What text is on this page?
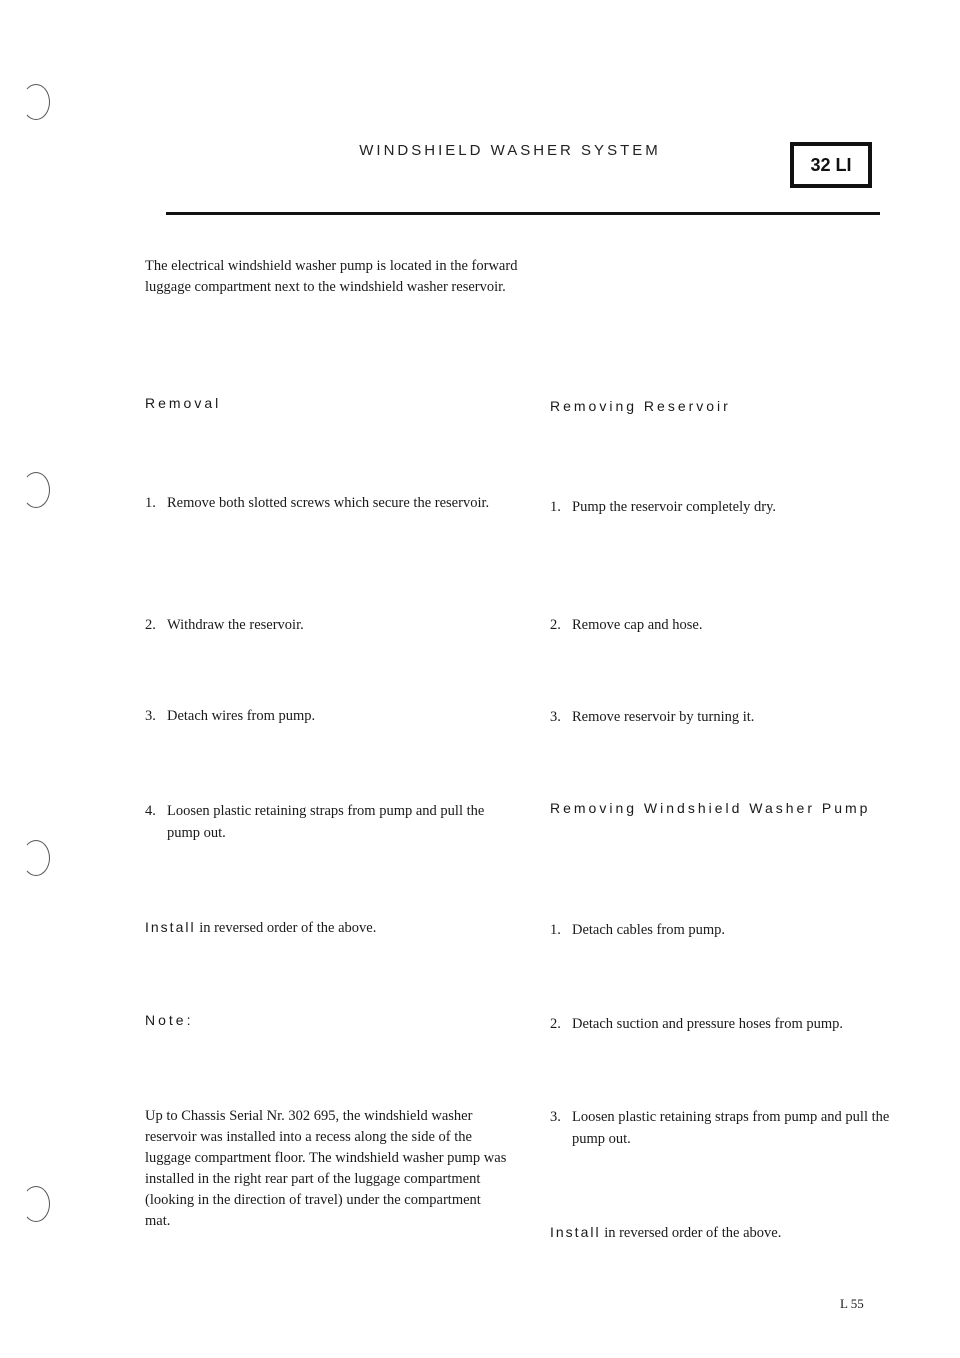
WINDSHIELD WASHER SYSTEM
32 LI
The electrical windshield washer pump is located in the forward luggage compartment next to the windshield washer reservoir.
Removal
1. Remove both slotted screws which secure the reservoir.
2. Withdraw the reservoir.
3. Detach wires from pump.
4. Loosen plastic retaining straps from pump and pull the pump out.
Install in reversed order of the above.
Note:
Up to Chassis Serial Nr. 302 695, the windshield washer reservoir was installed into a recess along the side of the luggage compartment floor. The windshield washer pump was installed in the right rear part of the luggage compartment (looking in the direction of travel) under the compartment mat.
Removing Reservoir
1. Pump the reservoir completely dry.
2. Remove cap and hose.
3. Remove reservoir by turning it.
Removing Windshield Washer Pump
1. Detach cables from pump.
2. Detach suction and pressure hoses from pump.
3. Loosen plastic retaining straps from pump and pull the pump out.
Install in reversed order of the above.
L 55
